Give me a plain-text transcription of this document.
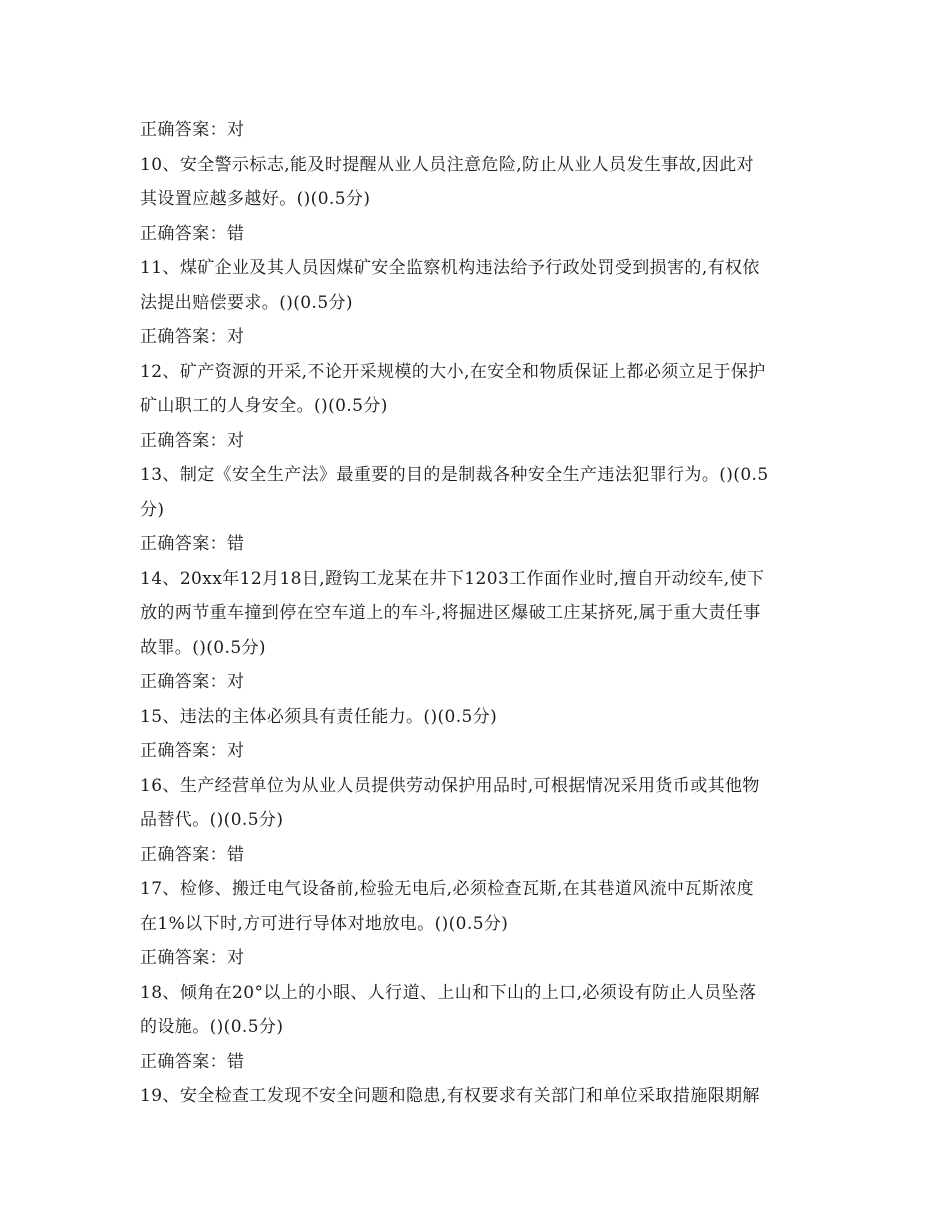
正确答案：对
10、安全警示标志,能及时提醒从业人员注意危险,防止从业人员发生事故,因此对
其设置应越多越好。()(0.5分)
正确答案：错
11、煤矿企业及其人员因煤矿安全监察机构违法给予行政处罚受到损害的,有权依
法提出赔偿要求。()(0.5分)
正确答案：对
12、矿产资源的开采,不论开采规模的大小,在安全和物质保证上都必须立足于保护
矿山职工的人身安全。()(0.5分)
正确答案：对
13、制定《安全生产法》最重要的目的是制裁各种安全生产违法犯罪行为。()(0.5
分)
正确答案：错
14、20xx年12月18日,蹬钩工龙某在井下1203工作面作业时,擅自开动绞车,使下
放的两节重车撞到停在空车道上的车斗,将掘进区爆破工庄某挤死,属于重大责任事
故罪。()(0.5分)
正确答案：对
15、违法的主体必须具有责任能力。()(0.5分)
正确答案：对
16、生产经营单位为从业人员提供劳动保护用品时,可根据情况采用货币或其他物
品替代。()(0.5分)
正确答案：错
17、检修、搬迁电气设备前,检验无电后,必须检查瓦斯,在其巷道风流中瓦斯浓度
在1%以下时,方可进行导体对地放电。()(0.5分)
正确答案：对
18、倾角在20°以上的小眼、人行道、上山和下山的上口,必须设有防止人员坠落
的设施。()(0.5分)
正确答案：错
19、安全检查工发现不安全问题和隐患,有权要求有关部门和单位采取措施限期解
